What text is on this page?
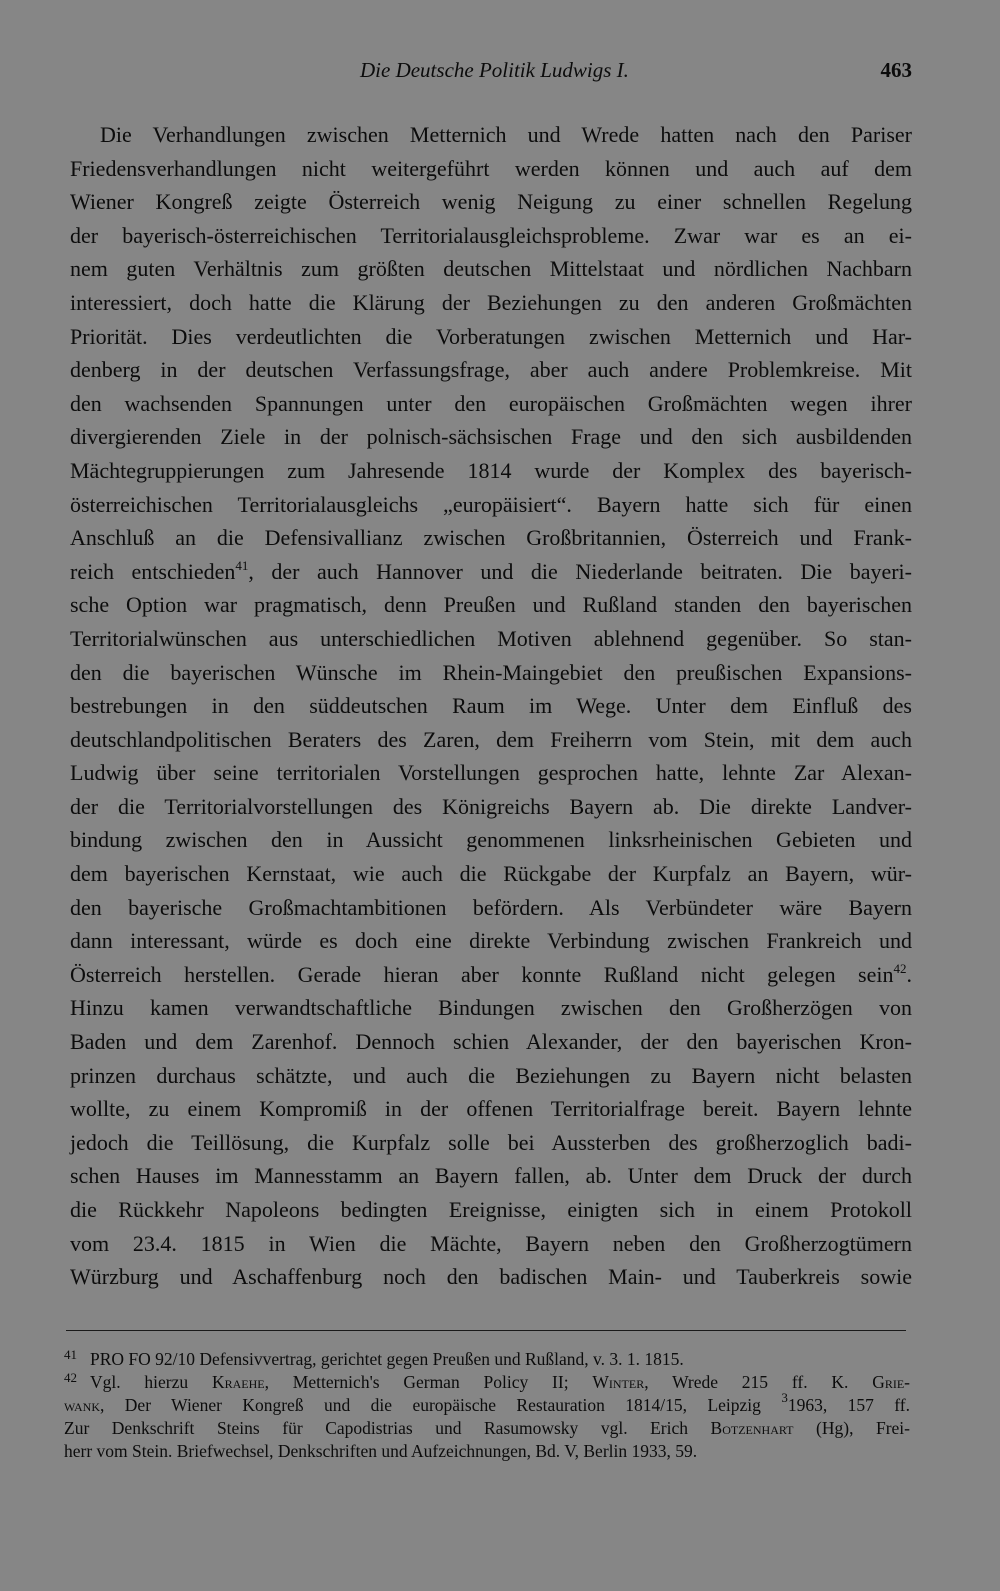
Die Deutsche Politik Ludwigs I.	463
Die Verhandlungen zwischen Metternich und Wrede hatten nach den Pariser
Friedensverhandlungen nicht weitergeführt werden können und auch auf dem
Wiener Kongreß zeigte Österreich wenig Neigung zu einer schnellen Regelung
der bayerisch-österreichischen Territorialausgleichsprobleme. Zwar war es an ei-
nem guten Verhältnis zum größten deutschen Mittelstaat und nördlichen Nachbarn
interessiert, doch hatte die Klärung der Beziehungen zu den anderen Großmächten
Priorität. Dies verdeutlichten die Vorberatungen zwischen Metternich und Har-
denberg in der deutschen Verfassungsfrage, aber auch andere Problemkreise. Mit
den wachsenden Spannungen unter den europäischen Großmächten wegen ihrer
divergierenden Ziele in der polnisch-sächsischen Frage und den sich ausbildenden
Mächtegruppierungen zum Jahresende 1814 wurde der Komplex des bayerisch-
österreichischen Territorialausgleichs „europäisiert“. Bayern hatte sich für einen
Anschluß an die Defensivallianz zwischen Großbritannien, Österreich und Frank-
reich entschieden$^{41}$, der auch Hannover und die Niederlande beitraten. Die bayeri-
sche Option war pragmatisch, denn Preußen und Rußland standen den bayerischen
Territorialwünschen aus unterschiedlichen Motiven ablehnend gegenüber. So stan-
den die bayerischen Wünsche im Rhein-Maingebiet den preußischen Expansions-
bestrebungen in den süddeutschen Raum im Wege. Unter dem Einfluß des
deutschlandpolitischen Beraters des Zaren, dem Freiherrn vom Stein, mit dem auch
Ludwig über seine territorialen Vorstellungen gesprochen hatte, lehnte Zar Alexan-
der die Territorialvorstellungen des Königreichs Bayern ab. Die direkte Landver-
bindung zwischen den in Aussicht genommenen linksrheinischen Gebieten und
dem bayerischen Kernstaat, wie auch die Rückgabe der Kurpfalz an Bayern, wür-
den bayerische Großmachtambitionen befördern. Als Verbündeter wäre Bayern
dann interessant, würde es doch eine direkte Verbindung zwischen Frankreich und
Österreich herstellen. Gerade hieran aber konnte Rußland nicht gelegen sein$^{42}$.
Hinzu kamen verwandtschaftliche Bindungen zwischen den Großherzögen von
Baden und dem Zarenhof. Dennoch schien Alexander, der den bayerischen Kron-
prinzen durchaus schätzte, und auch die Beziehungen zu Bayern nicht belasten
wollte, zu einem Kompromiß in der offenen Territorialfrage bereit. Bayern lehnte
jedoch die Teillösung, die Kurpfalz solle bei Aussterben des großherzoglich badi-
schen Hauses im Mannesstamm an Bayern fallen, ab. Unter dem Druck der durch
die Rückkehr Napoleons bedingten Ereignisse, einigten sich in einem Protokoll
vom 23.4. 1815 in Wien die Mächte, Bayern neben den Großherzogtümern
Würzburg und Aschaffenburg noch den badischen Main- und Tauberkreis sowie
41 PRO FO 92/10 Defensivvertrag, gerichtet gegen Preußen und Rußland, v. 3. 1. 1815.
42 Vgl. hierzu Kraehe, Metternich's German Policy II; Winter, Wrede 215 ff. K. Grie-
wank, Der Wiener Kongreß und die europäische Restauration 1814/15, Leipzig $^3$1963, 157 ff.
Zur Denkschrift Steins für Capodistrias und Rasumowsky vgl. Erich Botzenhart (Hg), Frei-
herr vom Stein. Briefwechsel, Denkschriften und Aufzeichnungen, Bd. V, Berlin 1933, 59.
